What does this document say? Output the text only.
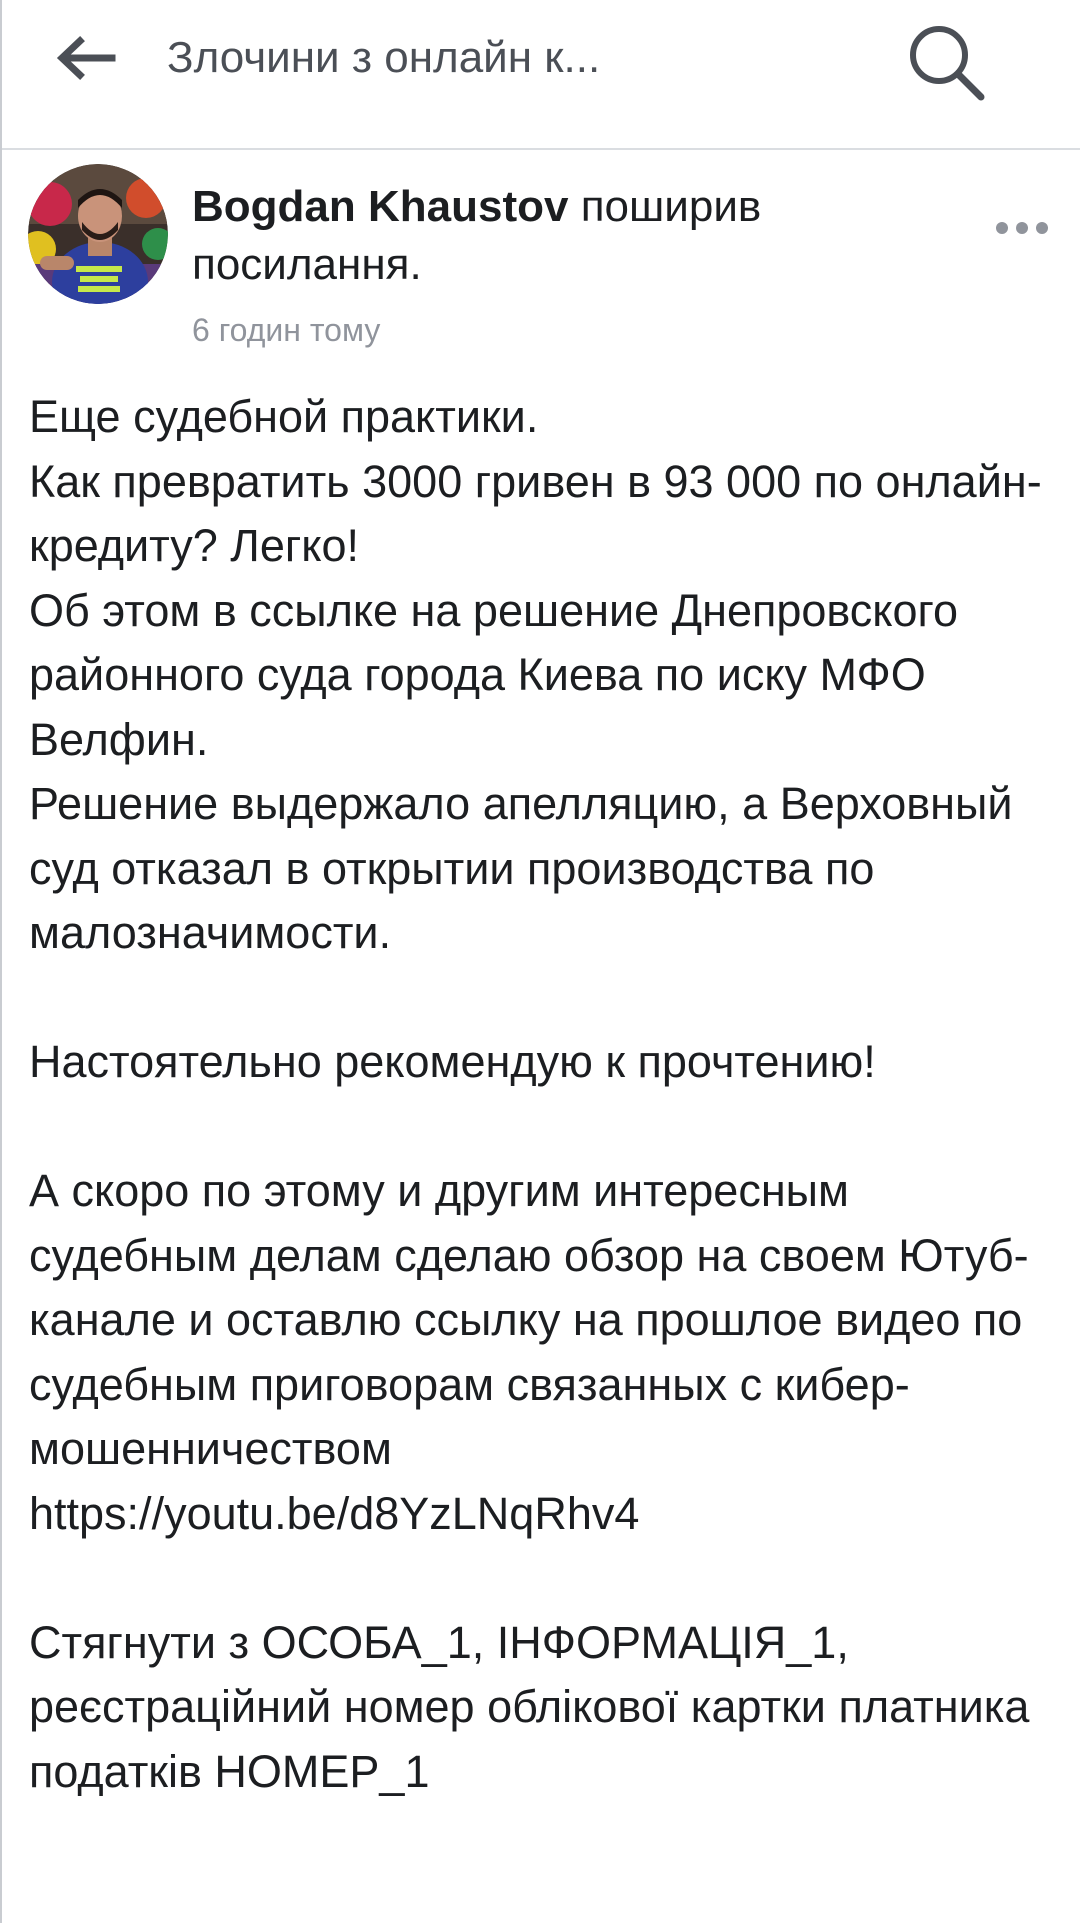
Злочини з онлайн к...
Bogdan Khaustov поширив посилання.
6 годин тому

Еще судебной практики.
Как превратить 3000 гривен в 93 000 по онлайн-кредиту? Легко!
Об этом в ссылке на решение Днепровского районного суда города Киева по иску МФО Велфин.
Решение выдержало апелляцию, а Верховный суд отказал в открытии производства по малозначимости.

Настоятельно рекомендую к прочтению!

А скоро по этому и другим интересным судебным делам сделаю обзор на своем Ютуб-канале и оставлю ссылку на прошлое видео по судебным приговорам связанных с кибер-мошенничеством

https://youtu.be/d8YzLNqRhv4

Стягнути з ОСОБА_1, ІНФОРМАЦІЯ_1, реєстраційний номер облікової картки платника податків НОМЕР_1
